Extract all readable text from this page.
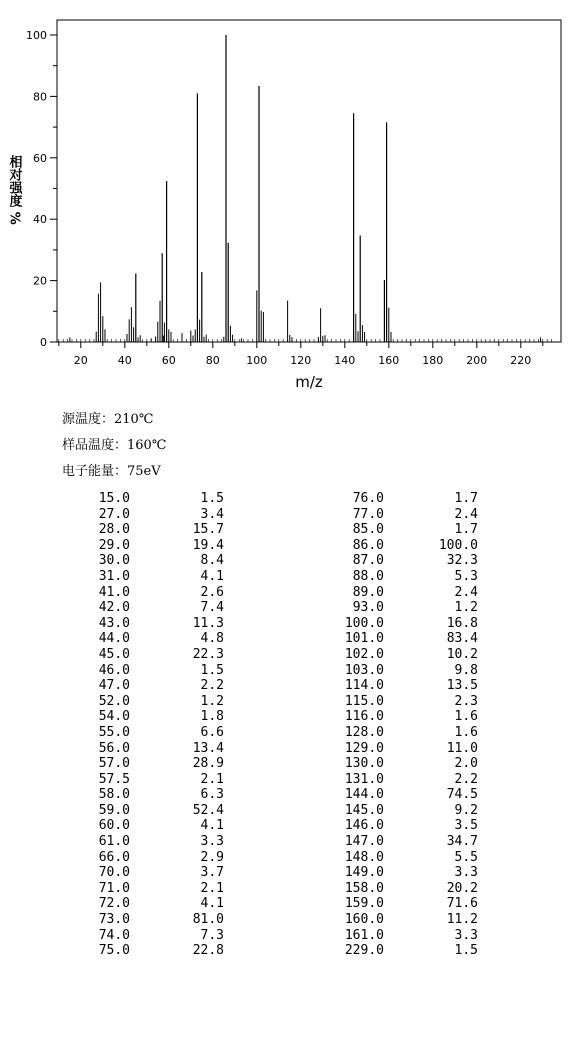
0
20
40
60
80
100
20	40	60	80 100 120 140 160 180 200 220
m/z
相对强度 %
源温度：210℃
样品温度：160℃
电子能量：75eV
15.0	1.5
27.0	3.4
28.0	15.7
29.0	19.4
30.0	8.4
31.0	4.1
41.0	2.6
42.0	7.4
43.0	11.3
44.0	4.8
45.0	22.3
46.0	1.5
47.0	2.2
52.0	1.2
54.0	1.8
55.0	6.6
56.0	13.4
57.0	28.9
57.5	2.1
58.0	6.3
59.0	52.4
60.0	4.1
61.0	3.3
66.0	2.9
70.0	3.7
71.0	2.1
72.0	4.1
73.0	81.0
74.0	7.3
75.0	22.8
76.0	1.7
77.0	2.4
85.0	1.7
86.0	100.0
87.0	32.3
88.0	5.3
89.0	2.4
93.0	1.2
100.0	16.8
101.0	83.4
102.0	10.2
103.0	9.8
114.0	13.5
115.0	2.3
116.0	1.6
128.0	1.6
129.0	11.0
130.0	2.0
131.0	2.2
144.0	74.5
145.0	9.2
146.0	3.5
147.0	34.7
148.0	5.5
149.0	3.3
158.0	20.2
159.0	71.6
160.0	11.2
161.0	3.3
229.0	1.5
